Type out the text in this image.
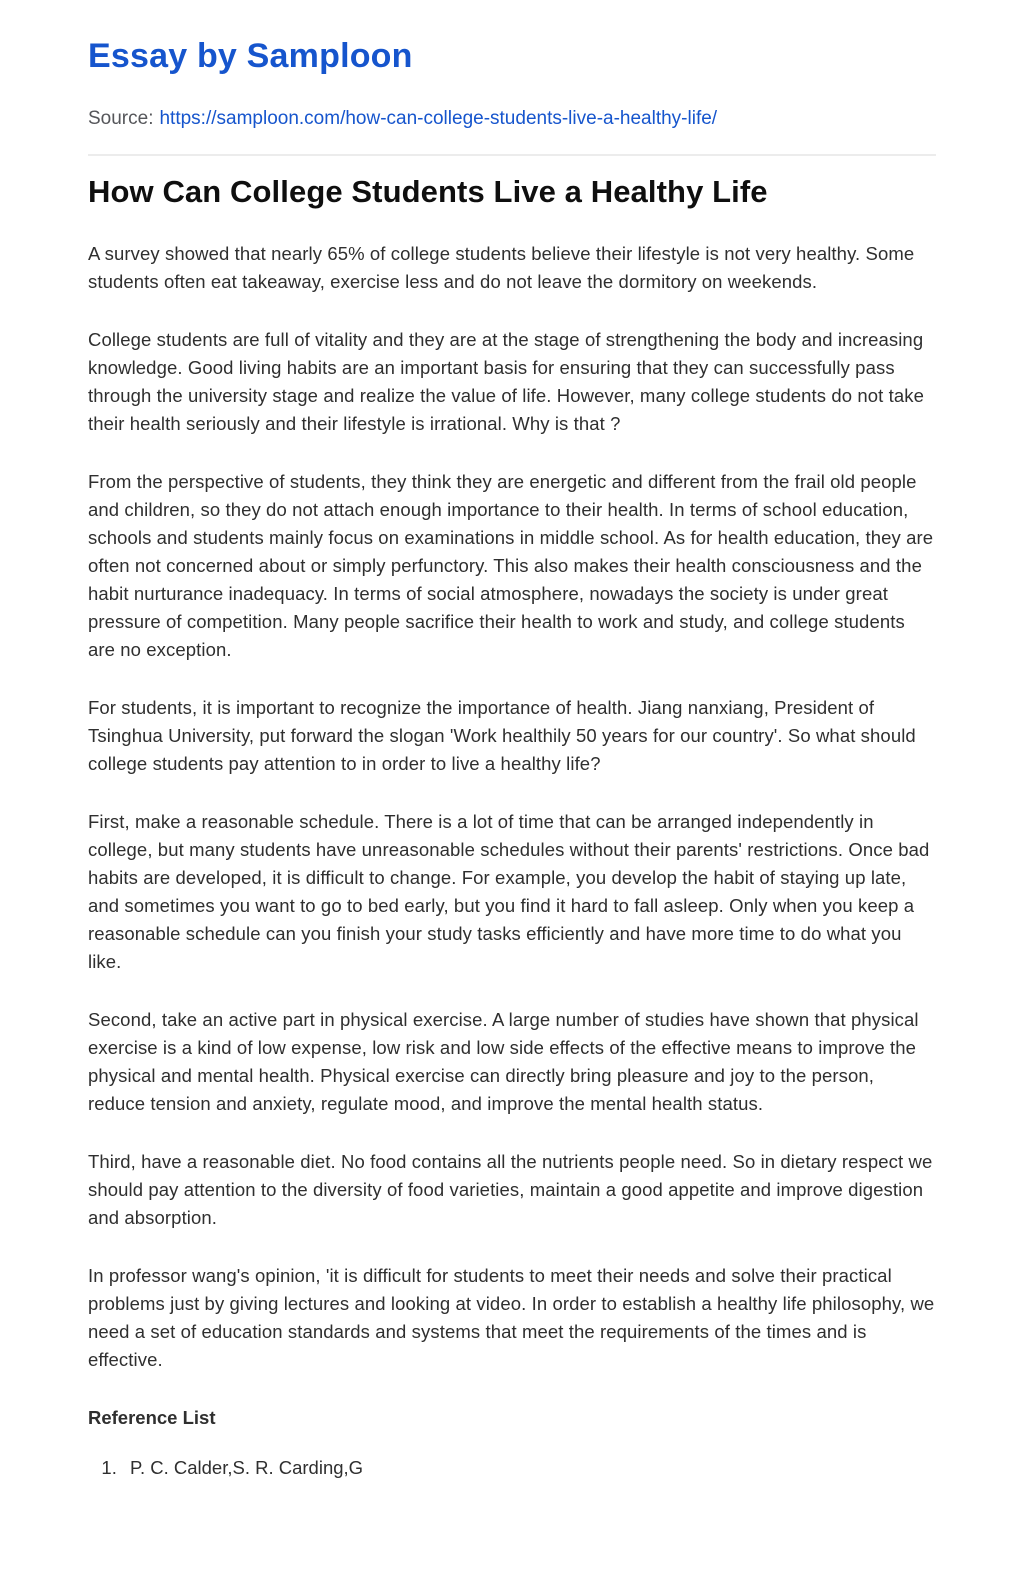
Essay by Samploon
Source: https://samploon.com/how-can-college-students-live-a-healthy-life/
How Can College Students Live a Healthy Life

A survey showed that nearly 65% of college students believe their lifestyle is not very healthy. Some students often eat takeaway, exercise less and do not leave the dormitory on weekends.

College students are full of vitality and they are at the stage of strengthening the body and increasing knowledge. Good living habits are an important basis for ensuring that they can successfully pass through the university stage and realize the value of life. However, many college students do not take their health seriously and their lifestyle is irrational. Why is that ?

From the perspective of students, they think they are energetic and different from the frail old people and children, so they do not attach enough importance to their health. In terms of school education, schools and students mainly focus on examinations in middle school. As for health education, they are often not concerned about or simply perfunctory. This also makes their health consciousness and the habit nurturance inadequacy. In terms of social atmosphere, nowadays the society is under great pressure of competition. Many people sacrifice their health to work and study, and college students are no exception.

For students, it is important to recognize the importance of health. Jiang nanxiang, President of Tsinghua University, put forward the slogan 'Work healthily 50 years for our country'. So what should college students pay attention to in order to live a healthy life?

First, make a reasonable schedule. There is a lot of time that can be arranged independently in college, but many students have unreasonable schedules without their parents' restrictions. Once bad habits are developed, it is difficult to change. For example, you develop the habit of staying up late, and sometimes you want to go to bed early, but you find it hard to fall asleep. Only when you keep a reasonable schedule can you finish your study tasks efficiently and have more time to do what you like.

Second, take an active part in physical exercise. A large number of studies have shown that physical exercise is a kind of low expense, low risk and low side effects of the effective means to improve the physical and mental health. Physical exercise can directly bring pleasure and joy to the person, reduce tension and anxiety, regulate mood, and improve the mental health status.

Third, have a reasonable diet. No food contains all the nutrients people need. So in dietary respect we should pay attention to the diversity of food varieties, maintain a good appetite and improve digestion and absorption.

In professor wang's opinion, 'it is difficult for students to meet their needs and solve their practical problems just by giving lectures and looking at video. In order to establish a healthy life philosophy, we need a set of education standards and systems that meet the requirements of the times and is effective.

Reference List
1. P. C. Calder,S. R. Carding,G
